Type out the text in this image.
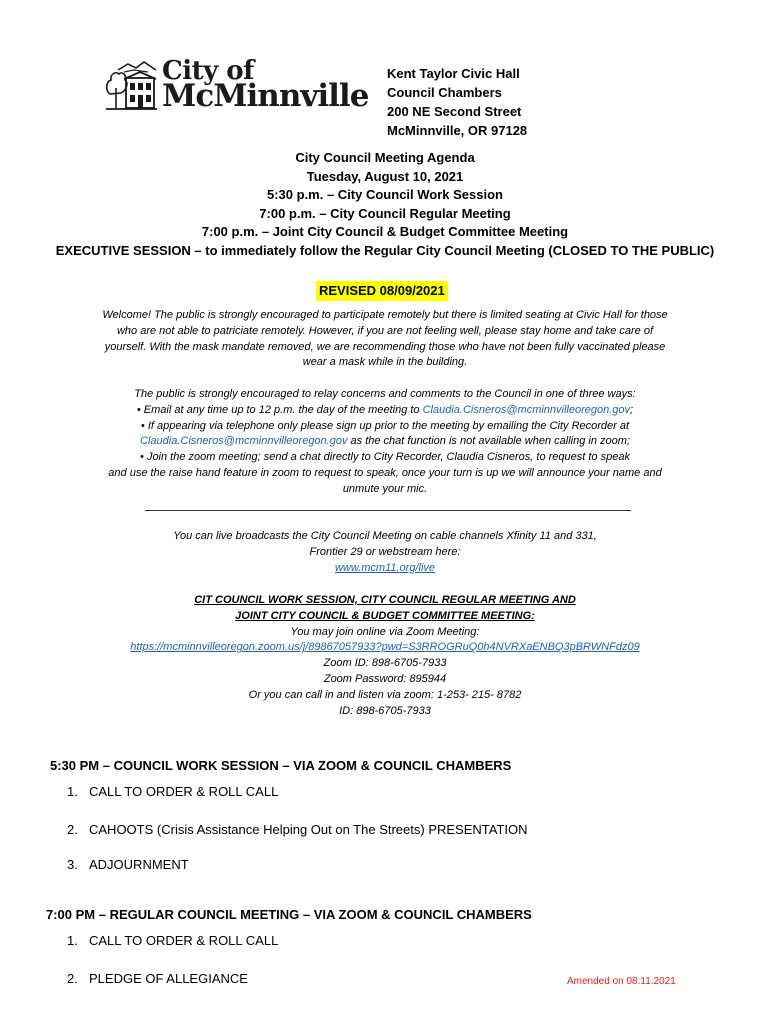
City of
McMinnville
Kent Taylor Civic Hall
Council Chambers
200 NE Second Street
McMinnville, OR 97128
City Council Meeting Agenda
Tuesday, August 10, 2021
5:30 p.m. – City Council Work Session
7:00 p.m. – City Council Regular Meeting
7:00 p.m. – Joint City Council & Budget Committee Meeting
EXECUTIVE SESSION – to immediately follow the Regular City Council Meeting (CLOSED TO THE PUBLIC)
REVISED 08/09/2021
Welcome! The public is strongly encouraged to participate remotely but there is limited seating at Civic Hall for those
who are not able to patriciate remotely. However, if you are not feeling well, please stay home and take care of
yourself. With the mask mandate removed, we are recommending those who have not been fully vaccinated please
wear a mask while in the building.
The public is strongly encouraged to relay concerns and comments to the Council in one of three ways:
• Email at any time up to 12 p.m. the day of the meeting to Claudia.Cisneros@mcminnvilleoregon.gov;
• If appearing via telephone only please sign up prior to the meeting by emailing the City Recorder at
Claudia.Cisneros@mcminnvilleoregon.gov as the chat function is not available when calling in zoom;
• Join the zoom meeting; send a chat directly to City Recorder, Claudia Cisneros, to request to speak
and use the raise hand feature in zoom to request to speak, once your turn is up we will announce your name and
unmute your mic.
You can live broadcasts the City Council Meeting on cable channels Xfinity 11 and 331,
Frontier 29 or webstream here:
www.mcm11.org/live
CIT COUNCIL WORK SESSION, CITY COUNCIL REGULAR MEETING AND
JOINT CITY COUNCIL & BUDGET COMMITTEE MEETING:
You may join online via Zoom Meeting:
https://mcminnvilleoregon.zoom.us/j/89867057933?pwd=S3RROGRuQ0h4NVRXaENBQ3pBRWNFdz09
Zoom ID: 898-6705-7933
Zoom Password: 895944
Or you can call in and listen via zoom: 1-253- 215- 8782
ID: 898-6705-7933
5:30 PM – COUNCIL WORK SESSION – VIA ZOOM & COUNCIL CHAMBERS
1. CALL TO ORDER & ROLL CALL
2. CAHOOTS (Crisis Assistance Helping Out on The Streets) PRESENTATION
3. ADJOURNMENT
7:00 PM – REGULAR COUNCIL MEETING – VIA ZOOM & COUNCIL CHAMBERS
1. CALL TO ORDER & ROLL CALL
2. PLEDGE OF ALLEGIANCE	Amended on 08.11.2021
